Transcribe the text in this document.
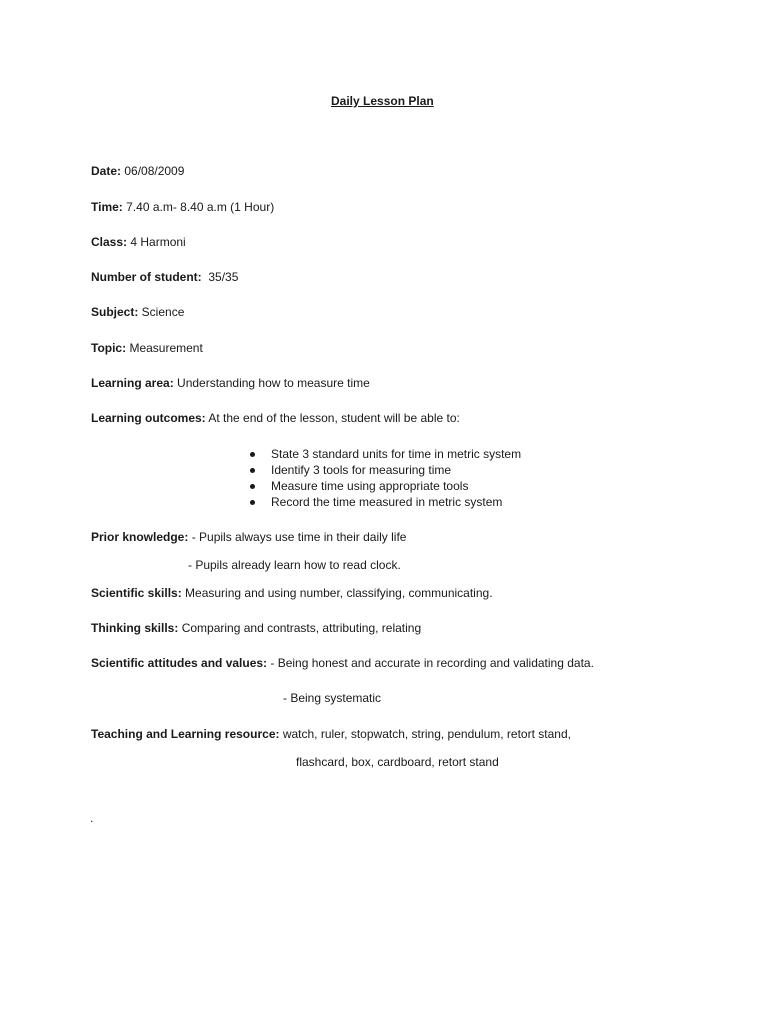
Daily Lesson Plan
Date: 06/08/2009
Time: 7.40 a.m- 8.40 a.m (1 Hour)
Class: 4 Harmoni
Number of student:  35/35
Subject: Science
Topic: Measurement
Learning area: Understanding how to measure time
Learning outcomes: At the end of the lesson, student will be able to:
State 3 standard units for time in metric system
Identify 3 tools for measuring time
Measure time using appropriate tools
Record the time measured in metric system
Prior knowledge: - Pupils always use time in their daily life
- Pupils already learn how to read clock.
Scientific skills: Measuring and using number, classifying, communicating.
Thinking skills: Comparing and contrasts, attributing, relating
Scientific attitudes and values: - Being honest and accurate in recording and validating data.
- Being systematic
Teaching and Learning resource: watch, ruler, stopwatch, string, pendulum, retort stand,
flashcard, box, cardboard, retort stand
.
